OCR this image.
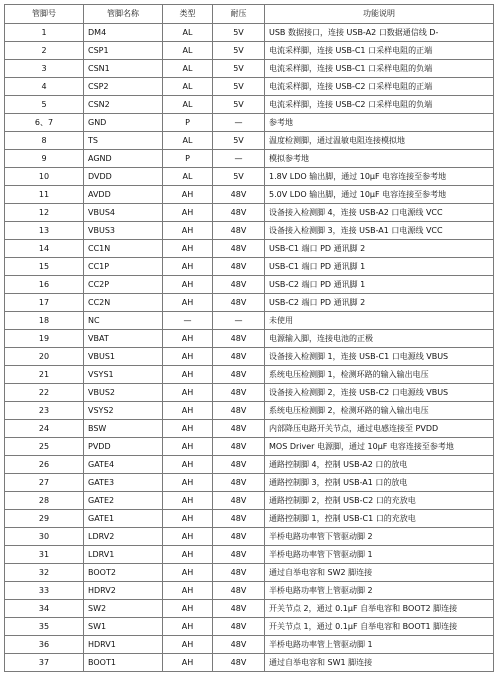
管脚号	管脚名称	类型	耐压	功能说明
1	DM4	AL	5V	USB 数据接口，连接 USB-A2 口数据通信线 D-
2	CSP1	AL	5V	电流采样脚，连接 USB-C1 口采样电阻的正端
3	CSN1	AL	5V	电流采样脚，连接 USB-C1 口采样电阻的负端
4	CSP2	AL	5V	电流采样脚，连接 USB-C2 口采样电阻的正端
5	CSN2	AL	5V	电流采样脚，连接 USB-C2 口采样电阻的负端
6、7	GND	P	—	参考地
8	TS	AL	5V	温度检测脚，通过温敏电阻连接模拟地
9	AGND	P	—	模拟参考地
10	DVDD	AL	5V	1.8V LDO 输出脚，通过 10μF 电容连接至参考地
11	AVDD	AH	48V	5.0V LDO 输出脚，通过 10μF 电容连接至参考地
12	VBUS4	AH	48V	设备接入检测脚 4，连接 USB-A2 口电源线 VCC
13	VBUS3	AH	48V	设备接入检测脚 3，连接 USB-A1 口电源线 VCC
14	CC1N	AH	48V	USB-C1 端口 PD 通讯脚 2
15	CC1P	AH	48V	USB-C1 端口 PD 通讯脚 1
16	CC2P	AH	48V	USB-C2 端口 PD 通讯脚 1
17	CC2N	AH	48V	USB-C2 端口 PD 通讯脚 2
18	NC	—	—	未使用
19	VBAT	AH	48V	电源输入脚，连接电池的正极
20	VBUS1	AH	48V	设备接入检测脚 1，连接 USB-C1 口电源线 VBUS
21	VSYS1	AH	48V	系统电压检测脚 1，检测环路的输入输出电压
22	VBUS2	AH	48V	设备接入检测脚 2，连接 USB-C2 口电源线 VBUS
23	VSYS2	AH	48V	系统电压检测脚 2，检测环路的输入输出电压
24	BSW	AH	48V	内部降压电路开关节点，通过电感连接至 PVDD
25	PVDD	AH	48V	MOS Driver 电源脚，通过 10μF 电容连接至参考地
26	GATE4	AH	48V	通路控制脚 4，控制 USB-A2 口的放电
27	GATE3	AH	48V	通路控制脚 3，控制 USB-A1 口的放电
28	GATE2	AH	48V	通路控制脚 2，控制 USB-C2 口的充放电
29	GATE1	AH	48V	通路控制脚 1，控制 USB-C1 口的充放电
30	LDRV2	AH	48V	半桥电路功率管下管驱动脚 2
31	LDRV1	AH	48V	半桥电路功率管下管驱动脚 1
32	BOOT2	AH	48V	通过自举电容和 SW2 脚连接
33	HDRV2	AH	48V	半桥电路功率管上管驱动脚 2
34	SW2	AH	48V	开关节点 2，通过 0.1μF 自举电容和 BOOT2 脚连接
35	SW1	AH	48V	开关节点 1，通过 0.1μF 自举电容和 BOOT1 脚连接
36	HDRV1	AH	48V	半桥电路功率管上管驱动脚 1
37	BOOT1	AH	48V	通过自举电容和 SW1 脚连接
